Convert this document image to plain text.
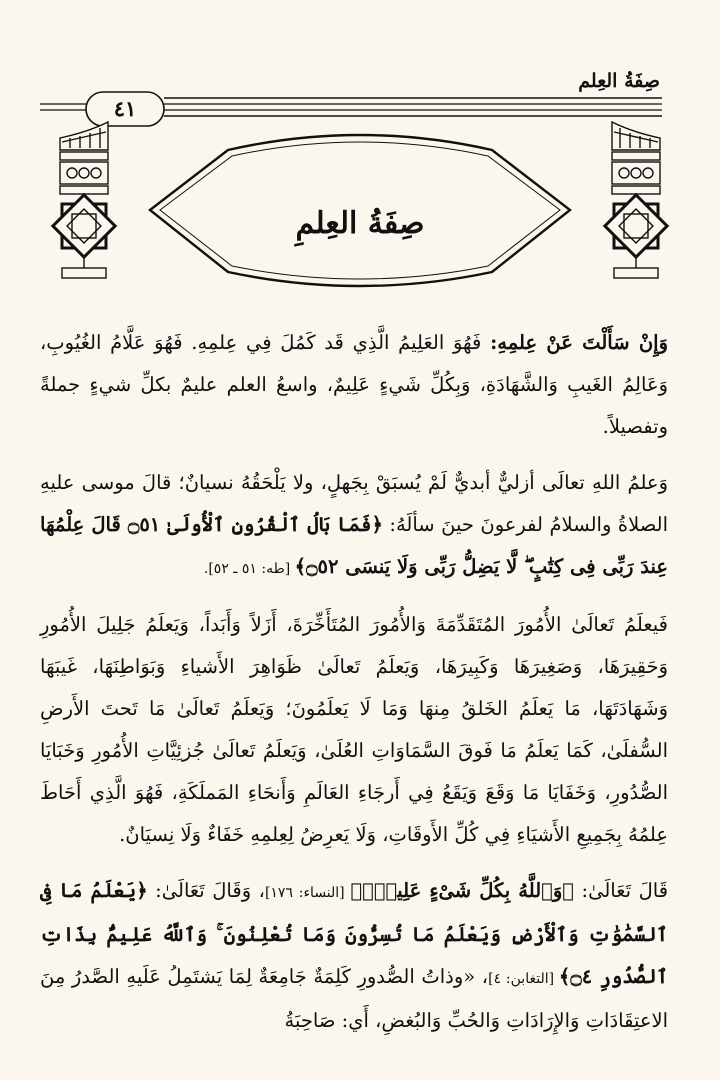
صِفَةُ العِلم
٤١
صِفَةُ العِلمِ

وَإِنْ سَأَلْتَ عَنْ عِلمِهِ: فَهُوَ العَلِيمُ الَّذِي قَد كَمُلَ فِي عِلمِهِ. فَهُوَ عَلَّامُ الغُيُوبِ، وَعَالِمُ الغَيبِ وَالشَّهَادَةِ، وَبِكُلِّ شَيءٍ عَلِيمٌ، واسعُ العلم عليمٌ بكلِّ شيءٍ جملةً وتفصيلاً.

وَعلمُ اللهِ تعالَى أزليٌّ أبديٌّ لَمْ يُسبَقْ بِجَهلٍ، ولا يَلْحَقُهُ نسيانٌ؛ قالَ موسى عليهِ الصلاةُ والسلامُ لفرعونَ حينَ سألَهُ: ﴿فَمَا بَالُ ٱلْقُرُونِ ٱلْأُولَىٰ ۝٥١ قَالَ عِلْمُهَا عِندَ رَبِّى فِى كِتَٰبٍ ۖ لَّا يَضِلُّ رَبِّى وَلَا يَنسَى ۝٥٢﴾ [طه: ٥١ ـ ٥٢].

فَيعلَمُ تَعالَىٰ الأُمُورَ المُتَقَدِّمَةَ وَالأُمُورَ المُتَأَخِّرَةَ، أَزَلاً وَأَبَداً، وَيَعلَمُ جَلِيلَ الأُمُورِ وَحَقِيرَهَا، وَصَغِيرَهَا وَكَبِيرَهَا، وَيَعلَمُ تَعالَىٰ ظَوَاهِرَ الأَشياءِ وَبَوَاطِنَهَا، غَيبَهَا وَشَهَادَتَهَا، مَا يَعلَمُ الخَلقُ مِنهَا وَمَا لَا يَعلَمُونَ؛ وَيَعلَمُ تَعالَىٰ مَا تَحتَ الأَرضِ السُّفلَىٰ، كَمَا يَعلَمُ مَا فَوقَ السَّمَاوَاتِ العُلَىٰ، وَيَعلَمُ تَعالَىٰ جُزئِيَّاتِ الأُمُورِ وَخَبَايَا الصُّدُورِ، وَخَفَايَا مَا وَقَعَ وَيَقَعُ فِي أَرجَاءِ العَالَمِ وَأَنحَاءِ المَملَكَةِ، فَهُوَ الَّذِي أَحَاطَ عِلمُهُ بِجَمِيعِ الأَشيَاءِ فِي كُلِّ الأَوقَاتِ، وَلَا يَعرِضُ لِعِلمِهِ خَفَاءٌ وَلَا نِسيَانٌ.

قَالَ تَعَالَىٰ: ﴿وَٱللَّهُ بِكُلِّ شَىْءٍ عَلِيمٌۢ﴾ [النساء: ١٧٦]، وَقَالَ تَعَالَىٰ: ﴿يَعْلَمُ مَا فِى ٱلسَّمَٰوَٰتِ وَٱلْأَرْضِ وَيَعْلَمُ مَا تُسِرُّونَ وَمَا تُعْلِنُونَ ۚ وَٱللَّهُ عَلِيمٌۢ بِذَاتِ ٱلصُّدُورِ ۝٤﴾ [التغابن: ٤]، «وذاتُ الصُّدورِ كَلِمَةٌ جَامِعَةٌ لِمَا يَشتَمِلُ عَلَيهِ الصَّدرُ مِنَ الاعتِقَادَاتِ وَالإِرَادَاتِ وَالحُبِّ وَالبُغضِ، أَي: صَاحِبَةُ
